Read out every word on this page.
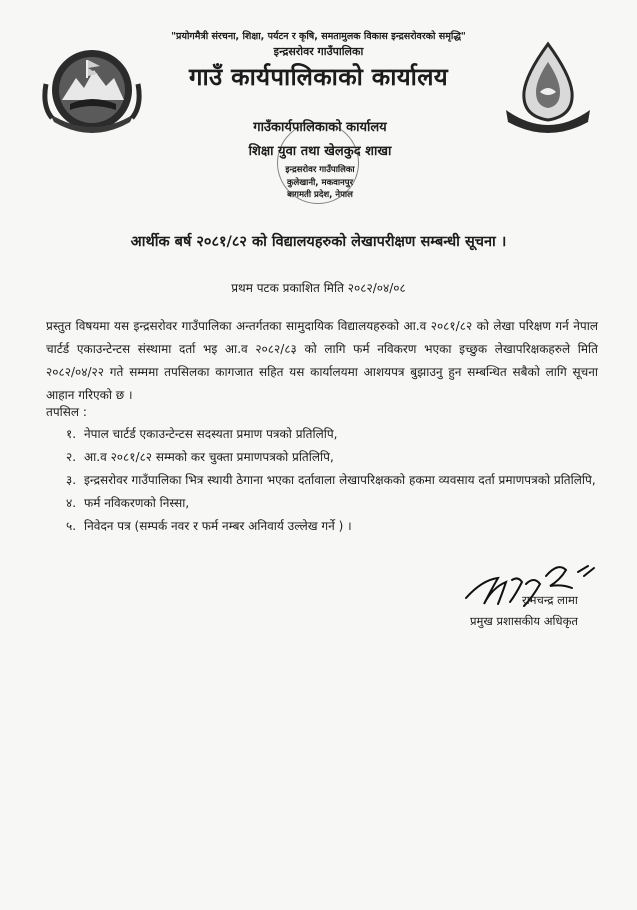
"प्रयोगमैत्री संरचना, शिक्षा, पर्यटन र कृषि, समतामुलक विकास इन्द्रसरोवरको समृद्धि"
इन्द्रसरोवर गाउँपालिका
गाउँ कार्यपालिकाको कार्यालय
गाउँकार्यपालिकाको कार्यालय
शिक्षा युवा तथा खेलकुद शाखा
इन्द्रसरोवर गाउँपालिका
कुलेखानी, मकवानपुर
बागमती प्रदेश, नेपाल
आर्थीक बर्ष २०८१/८२ को विद्यालयहरुको लेखापरीक्षण सम्बन्धी सूचना ।
प्रथम पटक प्रकाशित मिति २०८२/०४/०८
प्रस्तुत विषयमा यस इन्द्रसरोवर गाउँपालिका अन्तर्गतका सामुदायिक विद्यालयहरुको आ.व २०८१/८२ को लेखा परिक्षण गर्न नेपाल चार्टर्ड एकाउन्टेन्टस संस्थामा दर्ता भइ आ.व २०८२/८३ को लागि फर्म नविकरण भएका इच्छुक लेखापरिक्षकहरुले मिति २०८२/०४/२२ गते सम्ममा तपसिलका कागजात सहित यस कार्यालयमा आशयपत्र बुझाउनु हुन सम्बन्धित सबैको लागि सूचना आहान गरिएको छ ।
तपसिल :
१. नेपाल चार्टर्ड एकाउन्टेन्टस सदस्यता प्रमाण पत्रको प्रतिलिपि,
२. आ.व २०८१/८२ सम्मको कर चुक्ता प्रमाणपत्रको प्रतिलिपि,
३. इन्द्रसरोवर गाउँपालिका भित्र स्थायी ठेगाना भएका दर्तावाला लेखापरिक्षकको हकमा व्यवसाय दर्ता प्रमाणपत्रको प्रतिलिपि,
४. फर्म नविकरणको निस्सा,
५. निवेदन पत्र (सम्पर्क नवर र फर्म नम्बर अनिवार्य उल्लेख गर्ने ) ।
रामचन्द्र लामा
प्रमुख प्रशासकीय अधिकृत
